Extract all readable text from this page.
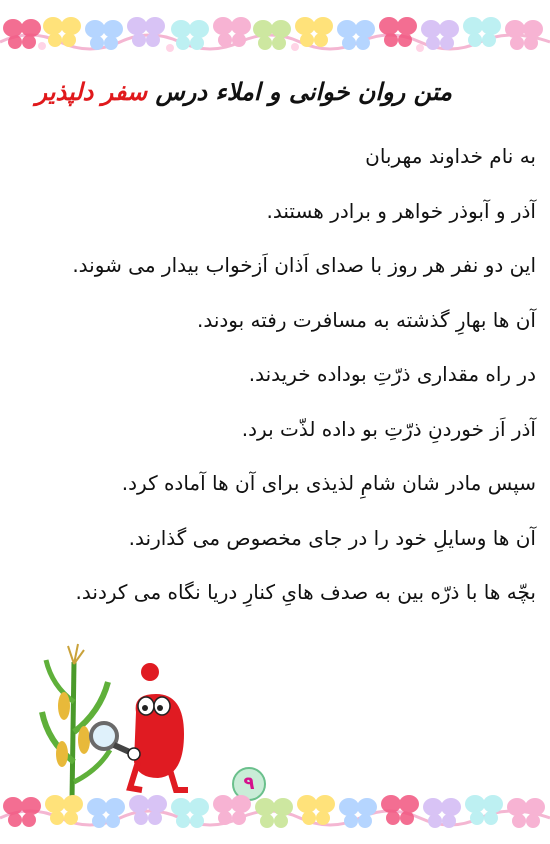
متن روان خوانی و املاء درس سفر دلپذیر
به نام خداوند مهربان
آذر و آبوذر خواهر و برادر هستند.
این دو نفر هر روز با صدای اَذان اَزخواب بیدار می شوند.
آن ها بهارِ گذشته به مسافرت رفته بودند.
در راه مقداری ذرّتِ بوداده خریدند.
آذر اَز خوردنِ ذرّتِ بو داده لذّت برد.
سپس مادر شان شامِ لذیذی برای آن ها آماده کرد.
آن ها وسایلِ خود را در جای مخصوص می گذارند.
بچّه ها با ذرّه بین به صدف هایِ کنارِ دریا نگاه می کردند.
۹
